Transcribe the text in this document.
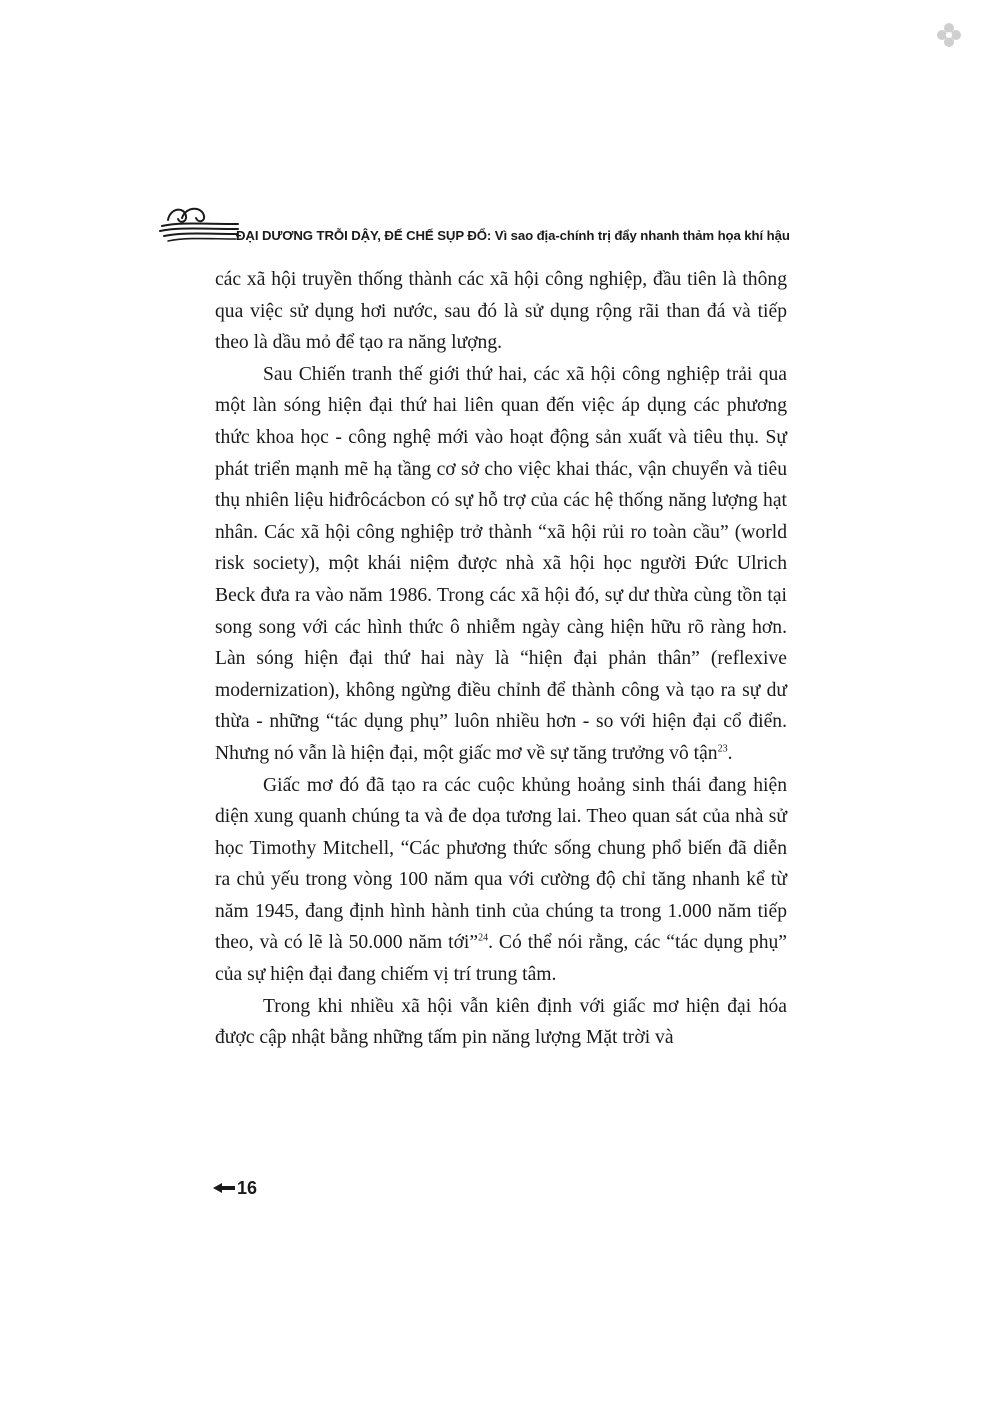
ĐẠI DƯƠNG TRỖI DẬY, ĐẾ CHẾ SỤP ĐỔ: Vì sao địa-chính trị đẩy nhanh thảm họa khí hậu

các xã hội truyền thống thành các xã hội công nghiệp, đầu tiên là thông qua việc sử dụng hơi nước, sau đó là sử dụng rộng rãi than đá và tiếp theo là dầu mỏ để tạo ra năng lượng.

Sau Chiến tranh thế giới thứ hai, các xã hội công nghiệp trải qua một làn sóng hiện đại thứ hai liên quan đến việc áp dụng các phương thức khoa học - công nghệ mới vào hoạt động sản xuất và tiêu thụ. Sự phát triển mạnh mẽ hạ tầng cơ sở cho việc khai thác, vận chuyển và tiêu thụ nhiên liệu hiđrôcácbon có sự hỗ trợ của các hệ thống năng lượng hạt nhân. Các xã hội công nghiệp trở thành “xã hội rủi ro toàn cầu” (world risk society), một khái niệm được nhà xã hội học người Đức Ulrich Beck đưa ra vào năm 1986. Trong các xã hội đó, sự dư thừa cùng tồn tại song song với các hình thức ô nhiễm ngày càng hiện hữu rõ ràng hơn. Làn sóng hiện đại thứ hai này là “hiện đại phản thân” (reflexive modernization), không ngừng điều chỉnh để thành công và tạo ra sự dư thừa - những “tác dụng phụ” luôn nhiều hơn - so với hiện đại cổ điển. Nhưng nó vẫn là hiện đại, một giấc mơ về sự tăng trưởng vô tận$^{23}$.

Giấc mơ đó đã tạo ra các cuộc khủng hoảng sinh thái đang hiện diện xung quanh chúng ta và đe dọa tương lai. Theo quan sát của nhà sử học Timothy Mitchell, “Các phương thức sống chung phổ biến đã diễn ra chủ yếu trong vòng 100 năm qua với cường độ chỉ tăng nhanh kể từ năm 1945, đang định hình hành tinh của chúng ta trong 1.000 năm tiếp theo, và có lẽ là 50.000 năm tới”$^{24}$. Có thể nói rằng, các “tác dụng phụ” của sự hiện đại đang chiếm vị trí trung tâm.

Trong khi nhiều xã hội vẫn kiên định với giấc mơ hiện đại hóa được cập nhật bằng những tấm pin năng lượng Mặt trời và

16
